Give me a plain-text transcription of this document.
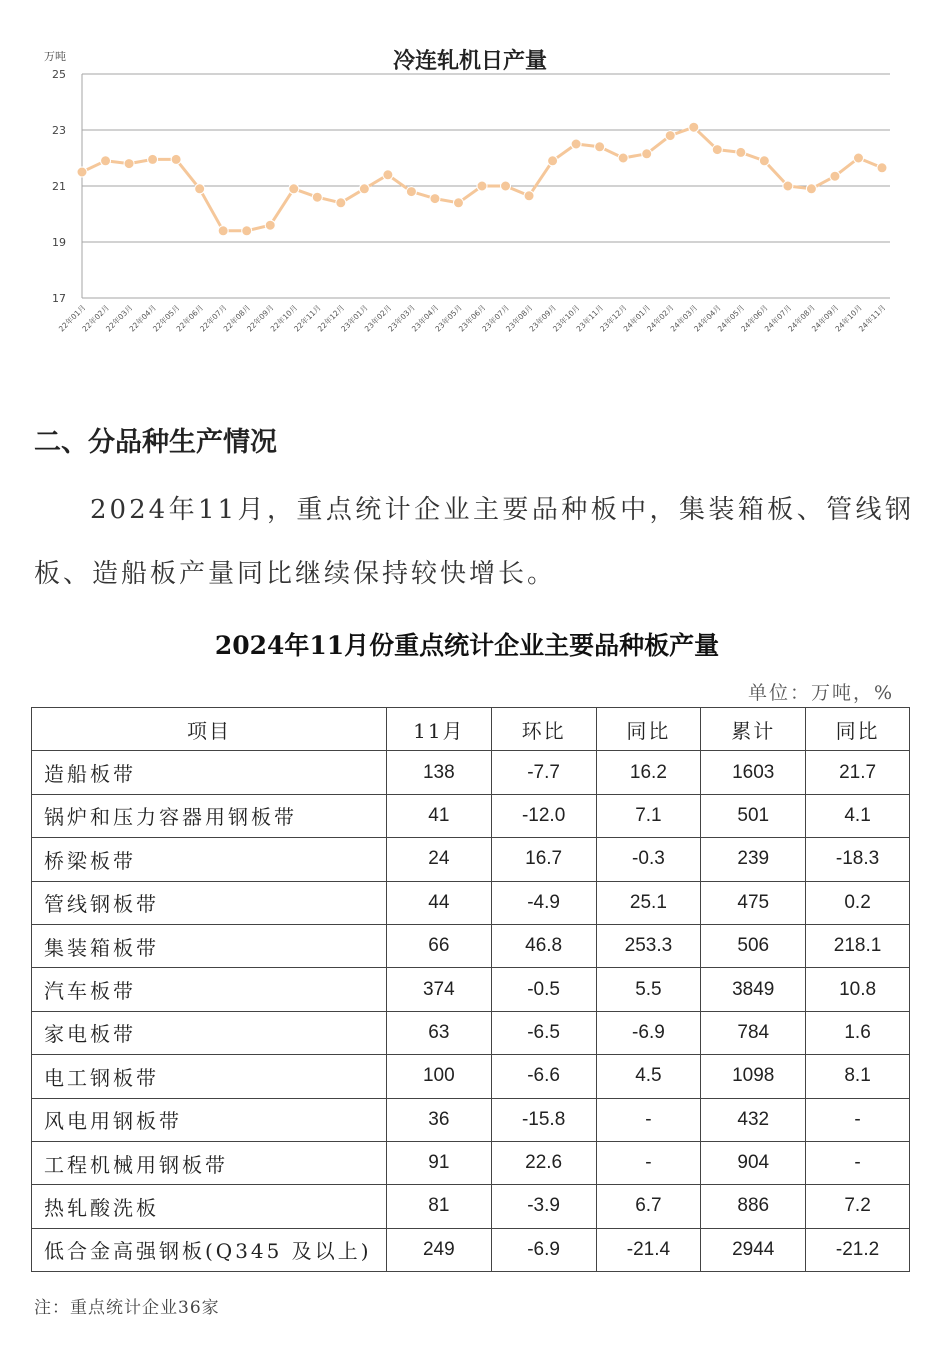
17
19
21
23
25
万吨	冷连轧机日产量
22年01月
22年02月
22年03月
22年04月
22年05月
22年06月
22年07月
22年08月
22年09月
22年10月
22年11月
22年12月
23年01月
23年02月
23年03月
23年04月
23年05月
23年06月
23年07月
23年08月
23年09月
23年10月
23年11月
23年12月
24年01月
24年02月
24年03月
24年04月
24年05月
24年06月
24年07月
24年08月
24年09月
24年10月
24年11月
二、分品种生产情况
2024年11月，重点统计企业主要品种板中，集装箱板、管线钢板、造船板产量同比继续保持较快增长。
2024年11月份重点统计企业主要品种板产量
单位：万吨，%
项目	11月	环比	同比	累计	同比
造船板带	138	-7.7	16.2	1603	21.7
锅炉和压力容器用钢板带	41	-12.0	7.1	501	4.1
桥梁板带	24	16.7	-0.3	239	-18.3
管线钢板带	44	-4.9	25.1	475	0.2
集装箱板带	66	46.8	253.3	506	218.1
汽车板带	374	-0.5	5.5	3849	10.8
家电板带	63	-6.5	-6.9	784	1.6
电工钢板带	100	-6.6	4.5	1098	8.1
风电用钢板带	36	-15.8	-	432	-
工程机械用钢板带	91	22.6	-	904	-
热轧酸洗板	81	-3.9	6.7	886	7.2
低合金高强钢板(Q345 及以上)	249	-6.9	-21.4	2944	-21.2
注：重点统计企业36家
